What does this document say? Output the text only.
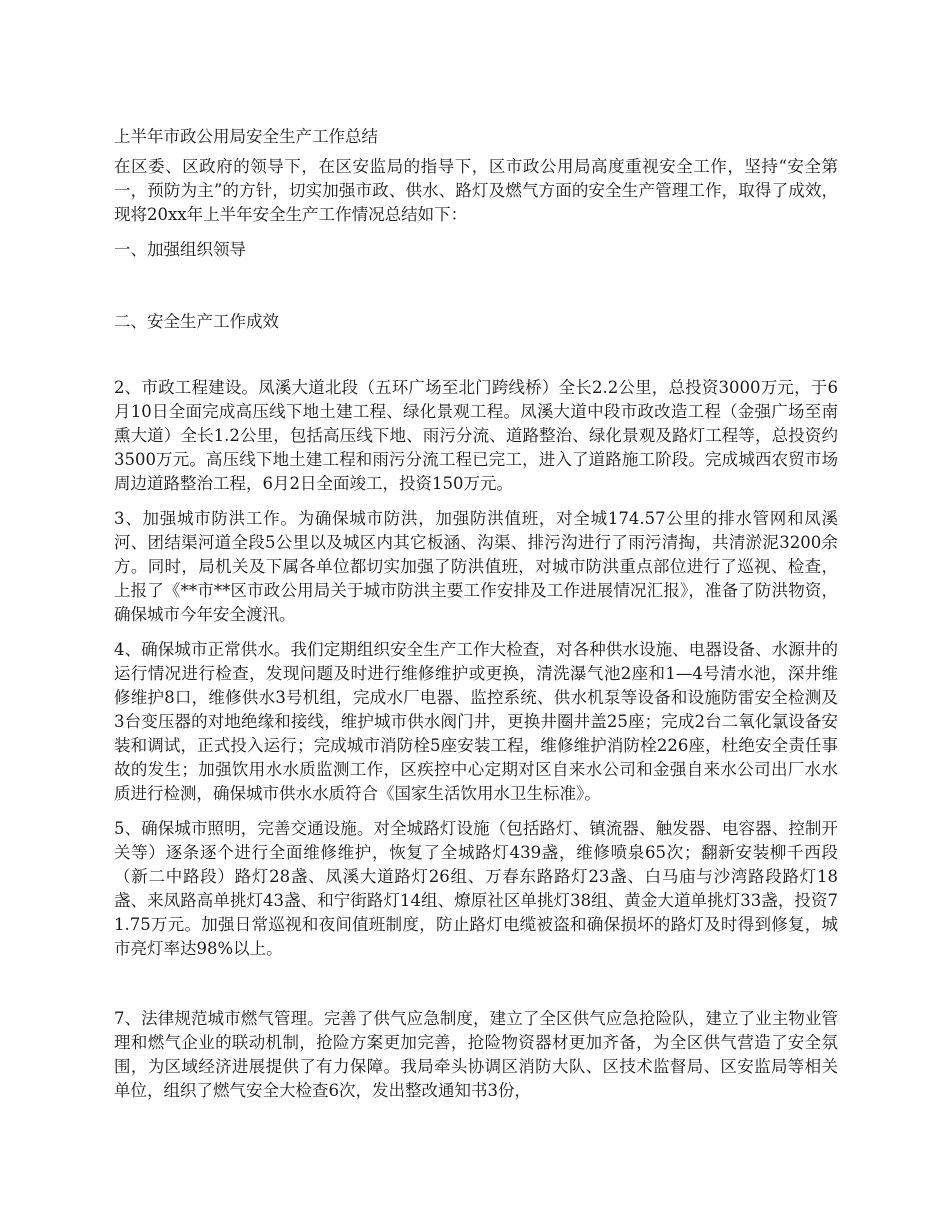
上半年市政公用局安全生产工作总结

在区委、区政府的领导下，在区安监局的指导下，区市政公用局高度重视安全工作，坚持“安全第一，预防为主”的方针，切实加强市政、供水、路灯及燃气方面的安全生产管理工作，取得了成效，现将20xx年上半年安全生产工作情况总结如下：

一、加强组织领导

二、安全生产工作成效

2、市政工程建设。凤溪大道北段（五环广场至北门跨线桥）全长2.2公里，总投资3000万元，于6月10日全面完成高压线下地土建工程、绿化景观工程。凤溪大道中段市政改造工程（金强广场至南熏大道）全长1.2公里，包括高压线下地、雨污分流、道路整治、绿化景观及路灯工程等，总投资约3500万元。高压线下地土建工程和雨污分流工程已完工，进入了道路施工阶段。完成城西农贸市场周边道路整治工程，6月2日全面竣工，投资150万元。

3、加强城市防洪工作。为确保城市防洪，加强防洪值班，对全城174.57公里的排水管网和凤溪河、团结渠河道全段5公里以及城区内其它板涵、沟渠、排污沟进行了雨污清掏，共清淤泥3200余方。同时，局机关及下属各单位都切实加强了防洪值班，对城市防洪重点部位进行了巡视、检查，上报了《**市**区市政公用局关于城市防洪主要工作安排及工作进展情况汇报》，准备了防洪物资，确保城市今年安全渡汛。

4、确保城市正常供水。我们定期组织安全生产工作大检查，对各种供水设施、电器设备、水源井的运行情况进行检查，发现问题及时进行维修维护或更换，清洗瀑气池2座和1—4号清水池，深井维修维护8口，维修供水3号机组，完成水厂电器、监控系统、供水机泵等设备和设施防雷安全检测及3台变压器的对地绝缘和接线，维护城市供水阀门井，更换井圈井盖25座；完成2台二氧化氯设备安装和调试，正式投入运行；完成城市消防栓5座安装工程，维修维护消防栓226座，杜绝安全责任事故的发生；加强饮用水水质监测工作，区疾控中心定期对区自来水公司和金强自来水公司出厂水水质进行检测，确保城市供水水质符合《国家生活饮用水卫生标准》。

5、确保城市照明，完善交通设施。对全城路灯设施（包括路灯、镇流器、触发器、电容器、控制开关等）逐条逐个进行全面维修维护，恢复了全城路灯439盏，维修喷泉65次；翻新安装柳千西段（新二中路段）路灯28盏、凤溪大道路灯26组、万春东路路灯23盏、白马庙与沙湾路段路灯18盏、来凤路高单挑灯43盏、和宁街路灯14组、燎原社区单挑灯38组、黄金大道单挑灯33盏，投资71.75万元。加强日常巡视和夜间值班制度，防止路灯电缆被盗和确保损坏的路灯及时得到修复，城市亮灯率达98%以上。

7、法律规范城市燃气管理。完善了供气应急制度，建立了全区供气应急抢险队，建立了业主物业管理和燃气企业的联动机制，抢险方案更加完善，抢险物资器材更加齐备，为全区供气营造了安全氛围，为区域经济进展提供了有力保障。我局牵头协调区消防大队、区技术监督局、区安监局等相关单位，组织了燃气安全大检查6次，发出整改通知书3份，
